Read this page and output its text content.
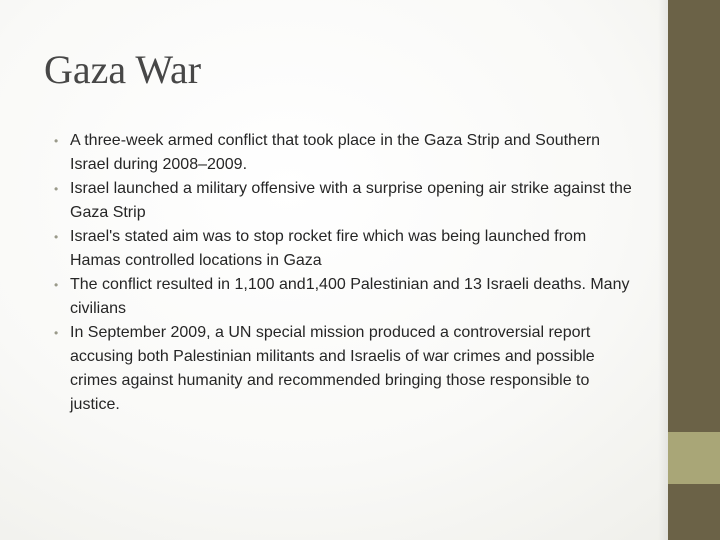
Gaza War
• A three-week armed conflict that took place in the Gaza Strip and Southern Israel during 2008–2009.
• Israel launched a military offensive with a surprise opening air strike against the Gaza Strip
• Israel's stated aim was to stop rocket fire which was being launched from Hamas controlled locations in Gaza
• The conflict resulted in 1,100 and1,400 Palestinian and 13 Israeli deaths. Many civilians
• In September 2009, a UN special mission produced a controversial report accusing both Palestinian militants and Israelis of war crimes and possible crimes against humanity and recommended bringing those responsible to justice.
